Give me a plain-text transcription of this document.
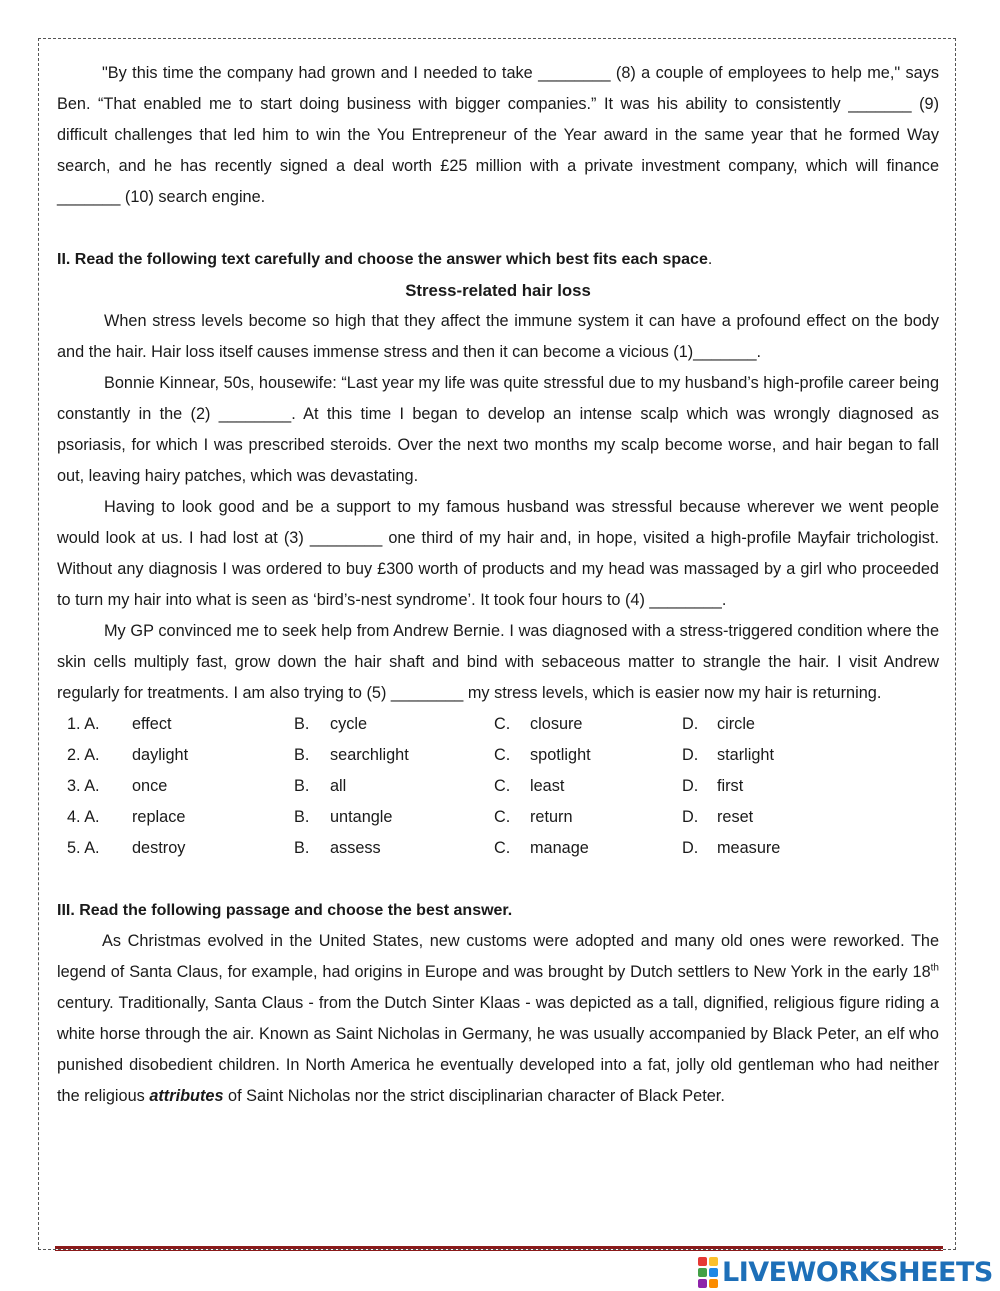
"By this time the company had grown and I needed to take ________ (8) a couple of employees to help me," says Ben. “That enabled me to start doing business with bigger companies.” It was his ability to consistently _______ (9) difficult challenges that led him to win the You Entrepreneur of the Year award in the same year that he formed Way search, and he has recently signed a deal worth £25 million with a private investment company, which will finance _______ (10) search engine.

II. Read the following text carefully and choose the answer which best fits each space.

Stress-related hair loss

When stress levels become so high that they affect the immune system it can have a profound effect on the body and the hair. Hair loss itself causes immense stress and then it can become a vicious (1)_______.

Bonnie Kinnear, 50s, housewife: “Last year my life was quite stressful due to my husband’s high-profile career being constantly in the (2) ________. At this time I began to develop an intense scalp which was wrongly diagnosed as psoriasis, for which I was prescribed steroids. Over the next two months my scalp become worse, and hair began to fall out, leaving hairy patches, which was devastating.

Having to look good and be a support to my famous husband was stressful because wherever we went people would look at us. I had lost at (3) ________ one third of my hair and, in hope, visited a high-profile Mayfair trichologist. Without any diagnosis I was ordered to buy £300 worth of products and my head was massaged by a girl who proceeded to turn my hair into what is seen as ‘bird’s-nest syndrome’. It took four hours to (4) ________.

My GP convinced me to seek help from Andrew Bernie. I was diagnosed with a stress-triggered condition where the skin cells multiply fast, grow down the hair shaft and bind with sebaceous matter to strangle the hair. I visit Andrew regularly for treatments. I am also trying to (5) ________ my stress levels, which is easier now my hair is returning.

1. A. effect	B. cycle	C. closure	D. circle
2. A. daylight	B. searchlight	C. spotlight	D. starlight
3. A. once	B. all	C. least	D. first
4. A. replace	B. untangle	C. return	D. reset
5. A. destroy	B. assess	C. manage	D. measure

III. Read the following passage and choose the best answer.

As Christmas evolved in the United States, new customs were adopted and many old ones were reworked. The legend of Santa Claus, for example, had origins in Europe and was brought by Dutch settlers to New York in the early 18th century. Traditionally, Santa Claus - from the Dutch Sinter Klaas - was depicted as a tall, dignified, religious figure riding a white horse through the air. Known as Saint Nicholas in Germany, he was usually accompanied by Black Peter, an elf who punished disobedient children. In North America he eventually developed into a fat, jolly old gentleman who had neither the religious attributes of Saint Nicholas nor the strict disciplinarian character of Black Peter.

LIVEWORKSHEETS
